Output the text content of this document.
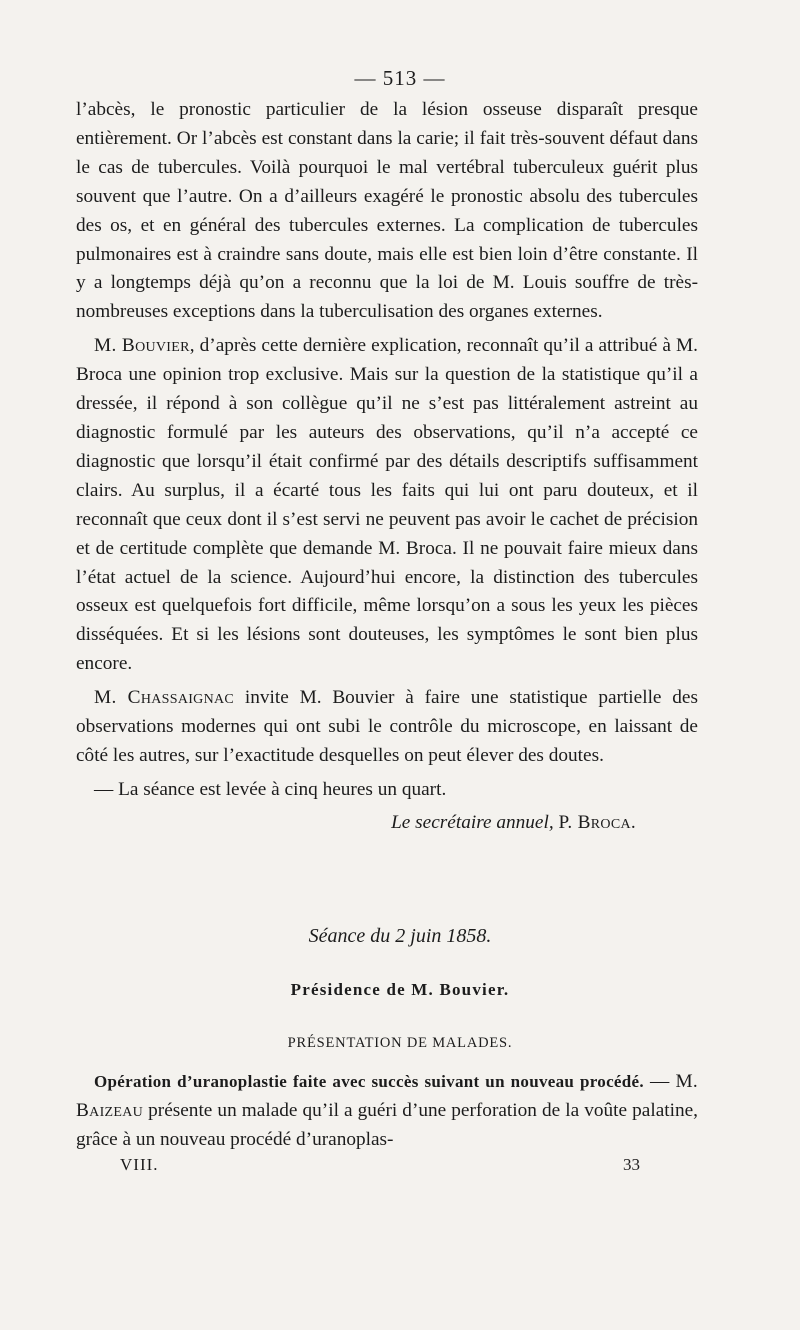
— 513 —

l’abcès, le pronostic particulier de la lésion osseuse disparaît presque entièrement. Or l’abcès est constant dans la carie; il fait très-souvent défaut dans le cas de tubercules. Voilà pourquoi le mal vertébral tuberculeux guérit plus souvent que l’autre. On a d’ailleurs exagéré le pronostic absolu des tubercules des os, et en général des tubercules externes. La complication de tubercules pulmonaires est à craindre sans doute, mais elle est bien loin d’être constante. Il y a longtemps déjà qu’on a reconnu que la loi de M. Louis souffre de très-nombreuses exceptions dans la tuberculisation des organes externes.

M. Bouvier, d’après cette dernière explication, reconnaît qu’il a attribué à M. Broca une opinion trop exclusive. Mais sur la question de la statistique qu’il a dressée, il répond à son collègue qu’il ne s’est pas littéralement astreint au diagnostic formulé par les auteurs des observations, qu’il n’a accepté ce diagnostic que lorsqu’il était confirmé par des détails descriptifs suffisamment clairs. Au surplus, il a écarté tous les faits qui lui ont paru douteux, et il reconnaît que ceux dont il s’est servi ne peuvent pas avoir le cachet de précision et de certitude complète que demande M. Broca. Il ne pouvait faire mieux dans l’état actuel de la science. Aujourd’hui encore, la distinction des tubercules osseux est quelquefois fort difficile, même lorsqu’on a sous les yeux les pièces disséquées. Et si les lésions sont douteuses, les symptômes le sont bien plus encore.

M. Chassaignac invite M. Bouvier à faire une statistique partielle des observations modernes qui ont subi le contrôle du microscope, en laissant de côté les autres, sur l’exactitude desquelles on peut élever des doutes.

— La séance est levée à cinq heures un quart.

Le secrétaire annuel, P. Broca.

Séance du 2 juin 1858.
Présidence de M. Bouvier.
PRÉSENTATION DE MALADES.

Opération d’uranoplastie faite avec succès suivant un nouveau procédé. — M. Baizeau présente un malade qu’il a guéri d’une perforation de la voûte palatine, grâce à un nouveau procédé d’uranoplas-

VIII.	33
